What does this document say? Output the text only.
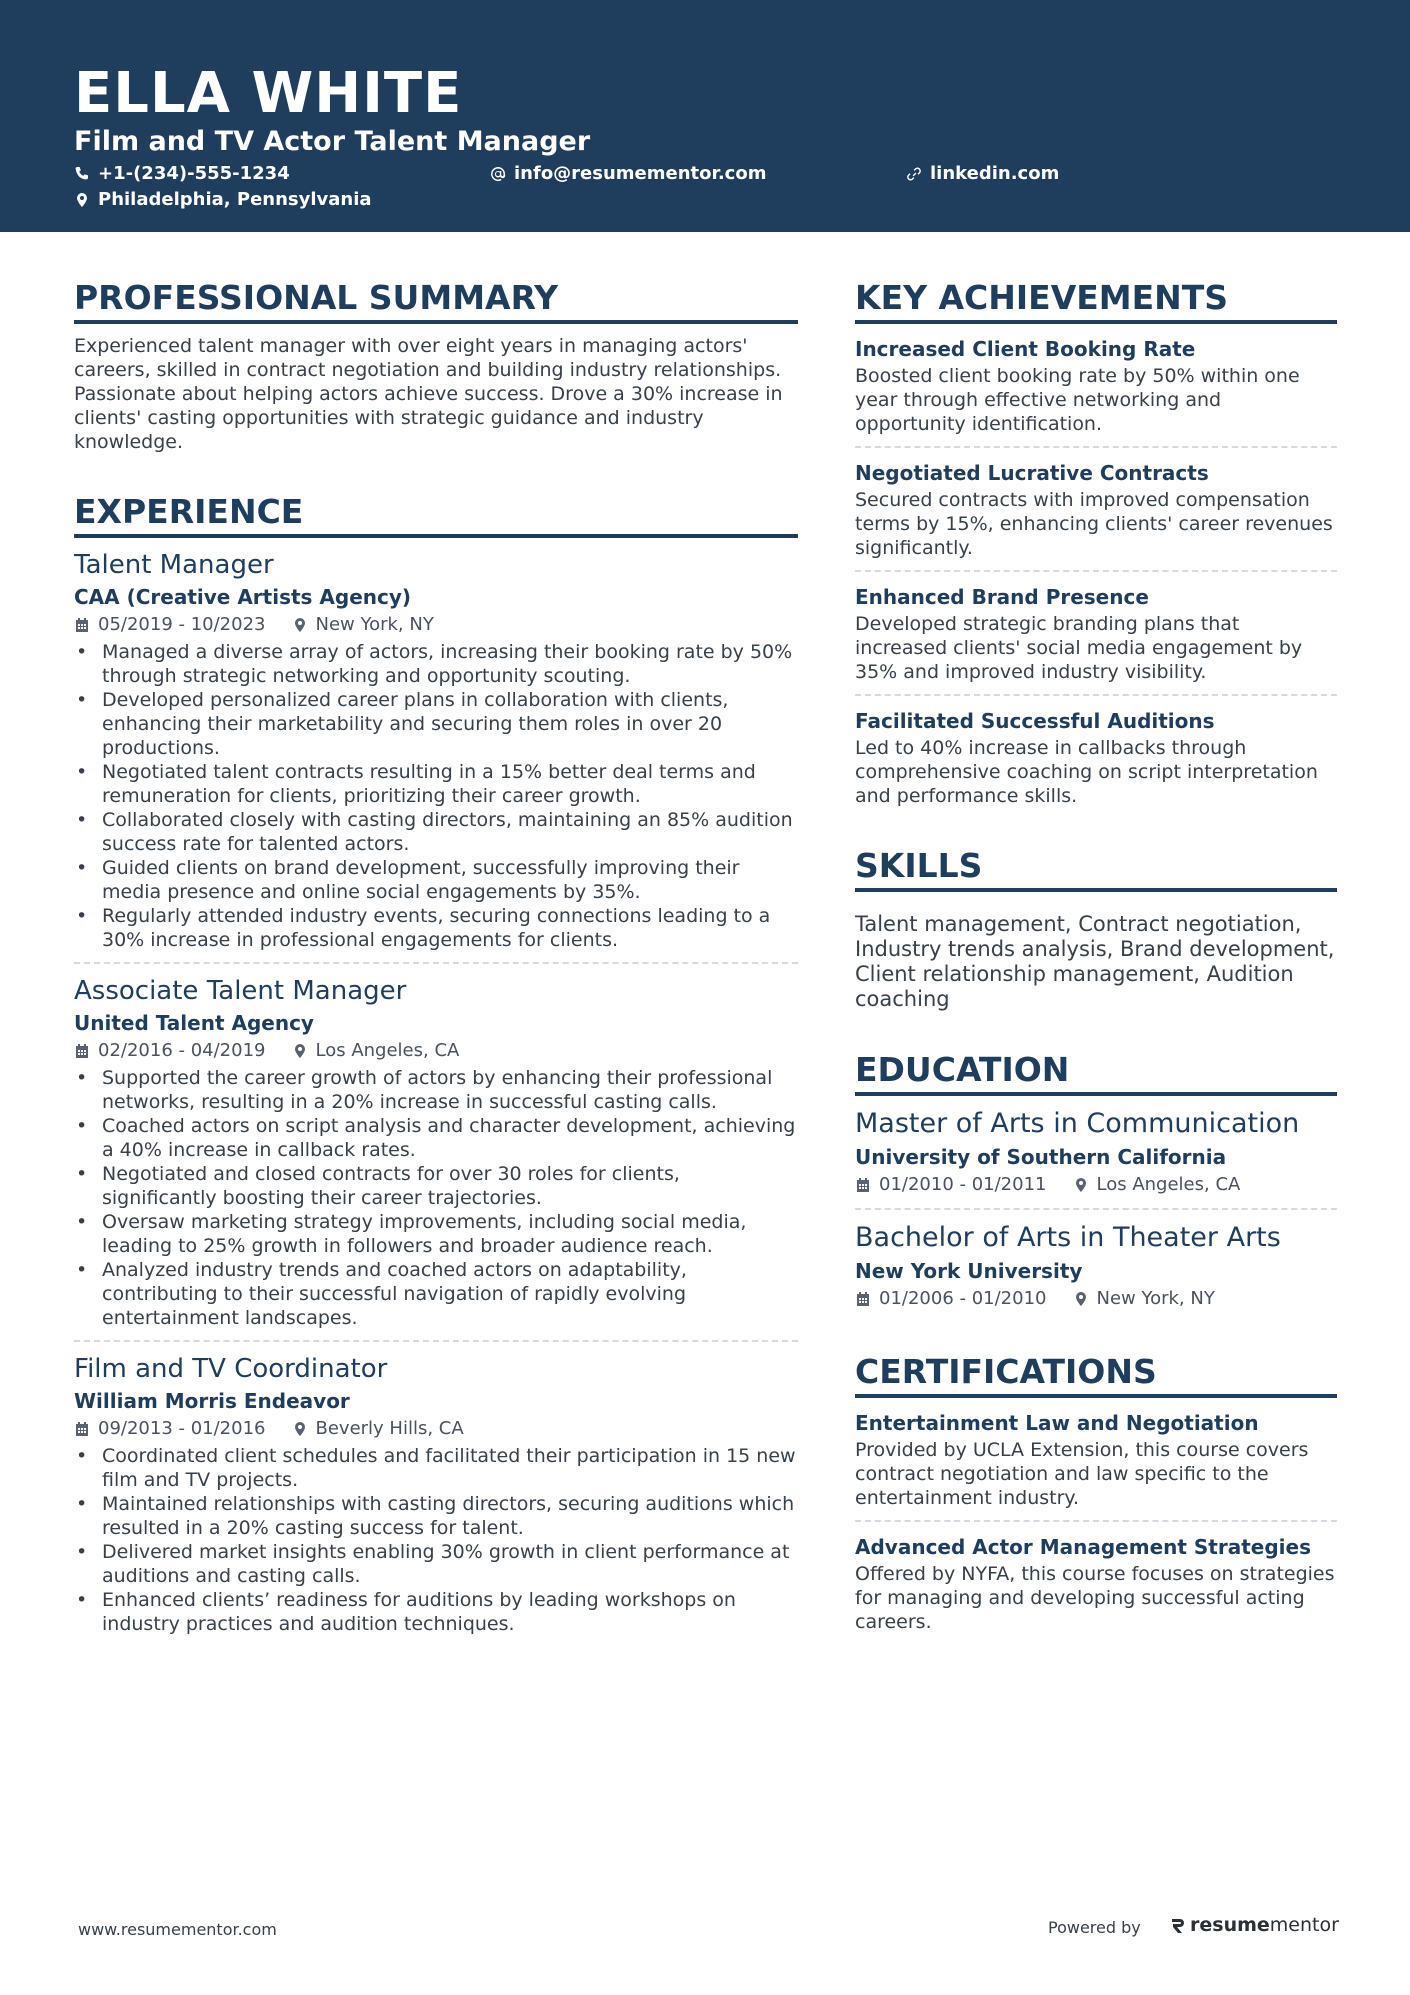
ELLA WHITE
Film and TV Actor Talent Manager
+1-(234)-555-1234	info@resumementor.com	linkedin.com
Philadelphia, Pennsylvania
PROFESSIONAL SUMMARY
Experienced talent manager with over eight years in managing actors' careers, skilled in contract negotiation and building industry relationships. Passionate about helping actors achieve success. Drove a 30% increase in clients' casting opportunities with strategic guidance and industry knowledge.
EXPERIENCE
Talent Manager
CAA (Creative Artists Agency)
05/2019 - 10/2023	New York, NY
• Managed a diverse array of actors, increasing their booking rate by 50% through strategic networking and opportunity scouting.
• Developed personalized career plans in collaboration with clients, enhancing their marketability and securing them roles in over 20 productions.
• Negotiated talent contracts resulting in a 15% better deal terms and remuneration for clients, prioritizing their career growth.
• Collaborated closely with casting directors, maintaining an 85% audition success rate for talented actors.
• Guided clients on brand development, successfully improving their media presence and online social engagements by 35%.
• Regularly attended industry events, securing connections leading to a 30% increase in professional engagements for clients.
Associate Talent Manager
United Talent Agency
02/2016 - 04/2019	Los Angeles, CA
• Supported the career growth of actors by enhancing their professional networks, resulting in a 20% increase in successful casting calls.
• Coached actors on script analysis and character development, achieving a 40% increase in callback rates.
• Negotiated and closed contracts for over 30 roles for clients, significantly boosting their career trajectories.
• Oversaw marketing strategy improvements, including social media, leading to 25% growth in followers and broader audience reach.
• Analyzed industry trends and coached actors on adaptability, contributing to their successful navigation of rapidly evolving entertainment landscapes.
Film and TV Coordinator
William Morris Endeavor
09/2013 - 01/2016	Beverly Hills, CA
• Coordinated client schedules and facilitated their participation in 15 new film and TV projects.
• Maintained relationships with casting directors, securing auditions which resulted in a 20% casting success for talent.
• Delivered market insights enabling 30% growth in client performance at auditions and casting calls.
• Enhanced clients’ readiness for auditions by leading workshops on industry practices and audition techniques.
KEY ACHIEVEMENTS
Increased Client Booking Rate
Boosted client booking rate by 50% within one year through effective networking and opportunity identification.
Negotiated Lucrative Contracts
Secured contracts with improved compensation terms by 15%, enhancing clients' career revenues significantly.
Enhanced Brand Presence
Developed strategic branding plans that increased clients' social media engagement by 35% and improved industry visibility.
Facilitated Successful Auditions
Led to 40% increase in callbacks through comprehensive coaching on script interpretation and performance skills.
SKILLS
Talent management, Contract negotiation, Industry trends analysis, Brand development, Client relationship management, Audition coaching
EDUCATION
Master of Arts in Communication
University of Southern California
01/2010 - 01/2011	Los Angeles, CA
Bachelor of Arts in Theater Arts
New York University
01/2006 - 01/2010	New York, NY
CERTIFICATIONS
Entertainment Law and Negotiation
Provided by UCLA Extension, this course covers contract negotiation and law specific to the entertainment industry.
Advanced Actor Management Strategies
Offered by NYFA, this course focuses on strategies for managing and developing successful acting careers.
www.resumementor.com	Powered by	resume mentor
